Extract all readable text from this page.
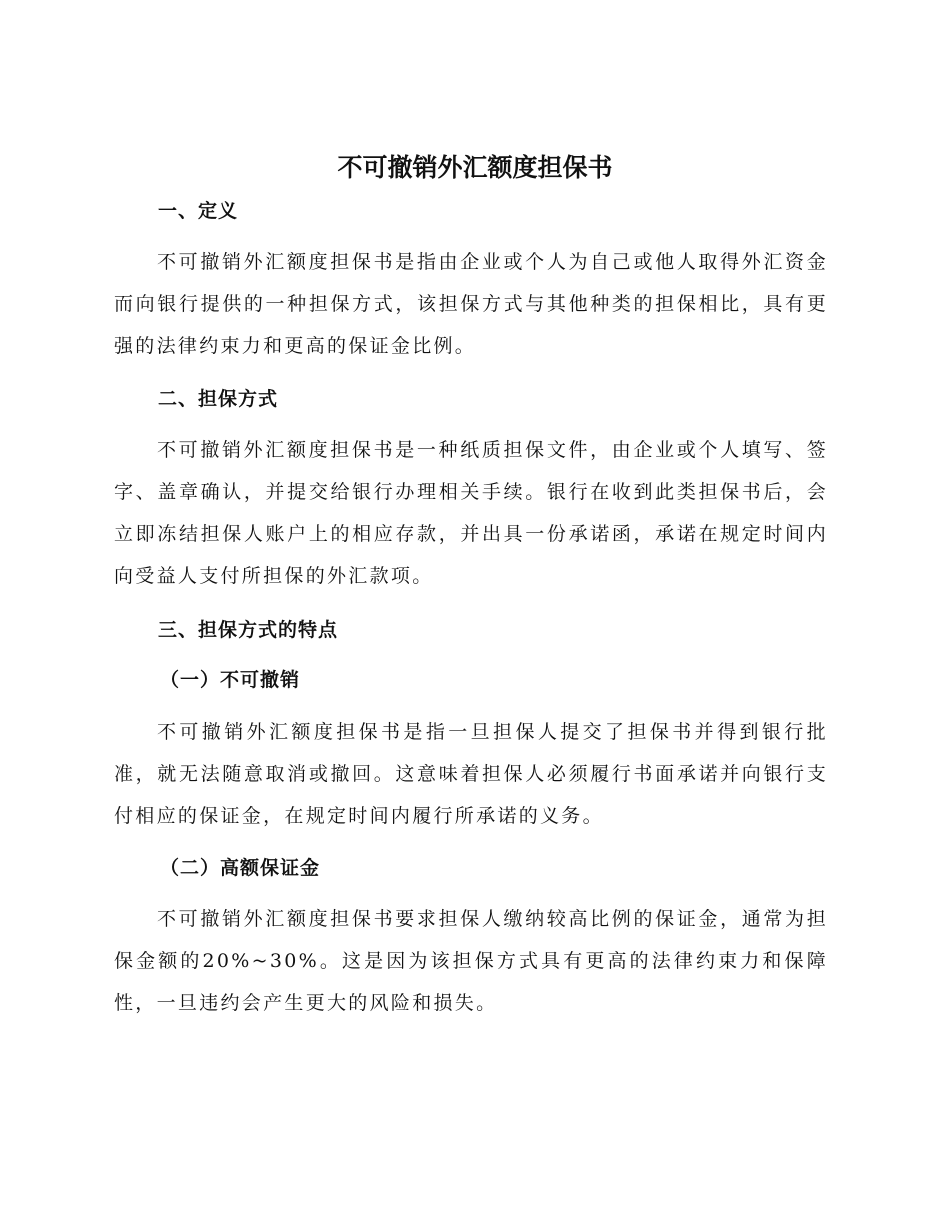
不可撤销外汇额度担保书
一、定义

不可撤销外汇额度担保书是指由企业或个人为自己或他人取得外汇资金而向银行提供的一种担保方式，该担保方式与其他种类的担保相比，具有更强的法律约束力和更高的保证金比例。

二、担保方式

不可撤销外汇额度担保书是一种纸质担保文件，由企业或个人填写、签字、盖章确认，并提交给银行办理相关手续。银行在收到此类担保书后，会立即冻结担保人账户上的相应存款，并出具一份承诺函，承诺在规定时间内向受益人支付所担保的外汇款项。

三、担保方式的特点
（一）不可撤销

不可撤销外汇额度担保书是指一旦担保人提交了担保书并得到银行批准，就无法随意取消或撤回。这意味着担保人必须履行书面承诺并向银行支付相应的保证金，在规定时间内履行所承诺的义务。

（二）高额保证金

不可撤销外汇额度担保书要求担保人缴纳较高比例的保证金，通常为担保金额的20%~30%。这是因为该担保方式具有更高的法律约束力和保障性，一旦违约会产生更大的风险和损失。
